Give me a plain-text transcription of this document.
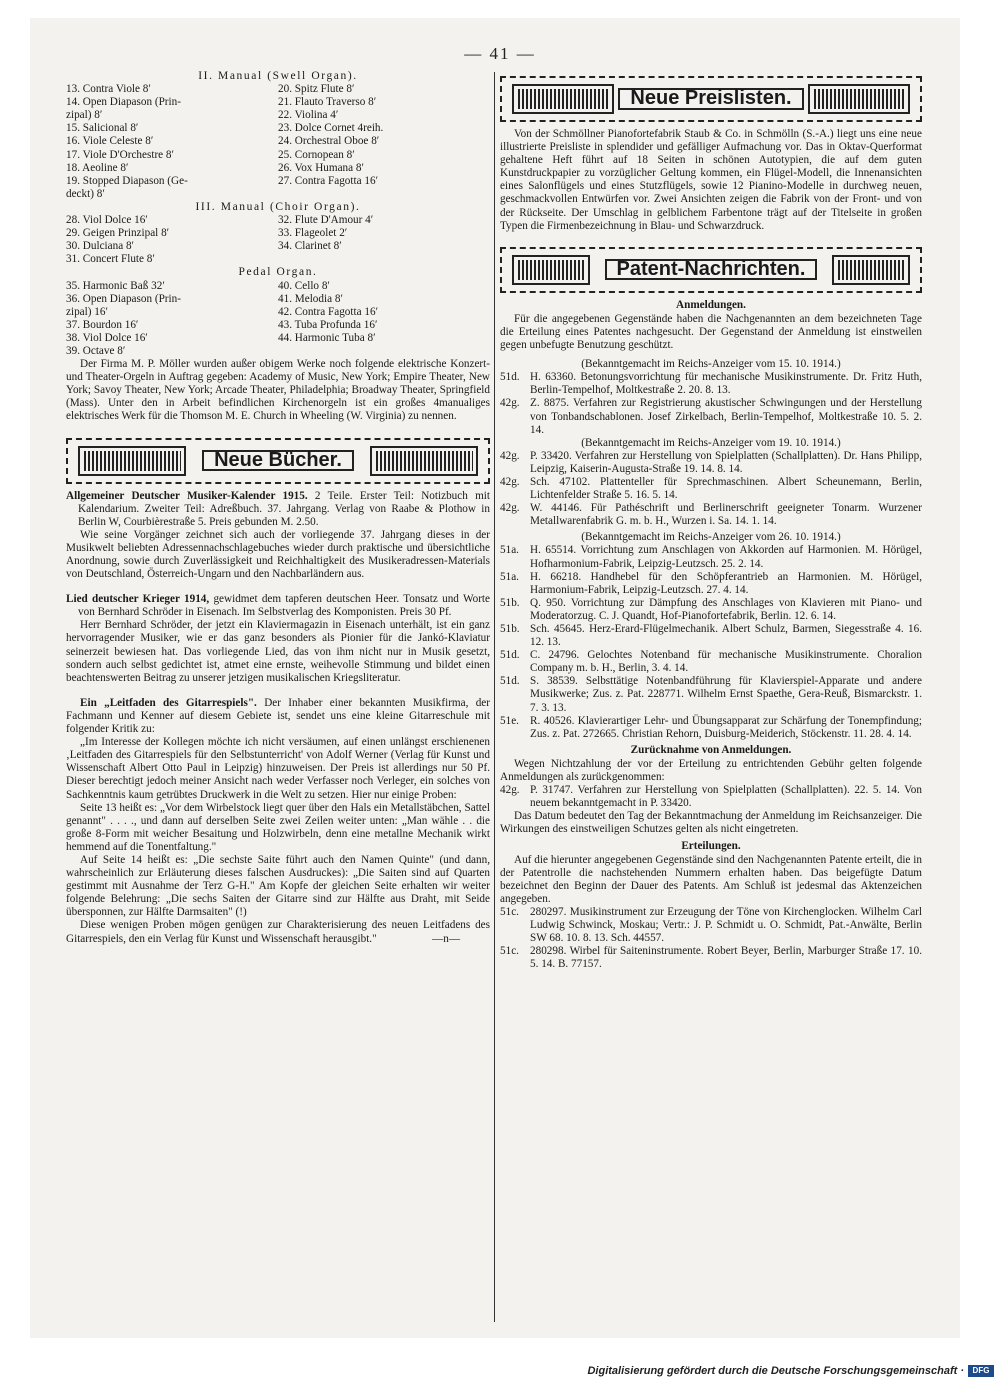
— 41 —
II. Manual (Swell Organ).
13. Contra Viole 8′	20. Spitz Flute 8′
14. Open Diapason (Prin-	21. Flauto Traverso 8′
zipal) 8′	22. Violina 4′
15. Salicional 8′	23. Dolce Cornet 4reih.
16. Viole Celeste 8′	24. Orchestral Oboe 8′
17. Viole D'Orchestre 8′	25. Cornopean 8′
18. Aeoline 8′	26. Vox Humana 8′
19. Stopped Diapason (Ge-	27. Contra Fagotta 16′
deckt) 8′	
III. Manual (Choir Organ).
28. Viol Dolce 16′	32. Flute D'Amour 4′
29. Geigen Prinzipal 8′	33. Flageolet 2′
30. Dulciana 8′	34. Clarinet 8′
31. Concert Flute 8′	
Pedal Organ.
35. Harmonic Baß 32′	40. Cello 8′
36. Open Diapason (Prin-	41. Melodia 8′
zipal) 16′	42. Contra Fagotta 16′
37. Bourdon 16′	43. Tuba Profunda 16′
38. Viol Dolce 16′	44. Harmonic Tuba 8′
39. Octave 8′	

Der Firma M. P. Möller wurden außer obigem Werke noch folgende elektrische Konzert- und Theater-Orgeln in Auftrag gegeben: Academy of Music, New York; Empire Theater, New York; Savoy Theater, New York; Arcade Theater, Philadelphia; Broadway Theater, Springfield (Mass). Unter den in Arbeit befindlichen Kirchenorgeln ist ein großes 4manualiges elektrisches Werk für die Thomson M. E. Church in Wheeling (W. Virginia) zu nennen.

Neue Bücher.

Allgemeiner Deutscher Musiker-Kalender 1915. 2 Teile. Erster Teil: Notizbuch mit Kalendarium. Zweiter Teil: Adreßbuch. 37. Jahrgang. Verlag von Raabe & Plothow in Berlin W, Courbièrestraße 5. Preis gebunden M. 2.50.

Wie seine Vorgänger zeichnet sich auch der vorliegende 37. Jahrgang dieses in der Musikwelt beliebten Adressennachschlagebuches wieder durch praktische und übersichtliche Anordnung, sowie durch Zuverlässigkeit und Reichhaltigkeit des Musikeradressen-Materials von Deutschland, Österreich-Ungarn und den Nachbarländern aus.

Lied deutscher Krieger 1914, gewidmet dem tapferen deutschen Heer. Tonsatz und Worte von Bernhard Schröder in Eisenach. Im Selbstverlag des Komponisten. Preis 30 Pf.

Herr Bernhard Schröder, der jetzt ein Klaviermagazin in Eisenach unterhält, ist ein ganz hervorragender Musiker, wie er das ganz besonders als Pionier für die Jankó-Klaviatur seinerzeit bewiesen hat. Das vorliegende Lied, das von ihm nicht nur in Musik gesetzt, sondern auch selbst gedichtet ist, atmet eine ernste, weihevolle Stimmung und bildet einen beachtenswerten Beitrag zu unserer jetzigen musikalischen Kriegsliteratur.

Ein „Leitfaden des Gitarrespiels". Der Inhaber einer bekannten Musikfirma, der Fachmann und Kenner auf diesem Gebiete ist, sendet uns eine kleine Gitarreschule mit folgender Kritik zu:

„Im Interesse der Kollegen möchte ich nicht versäumen, auf einen unlängst erschienenen ‚Leitfaden des Gitarrespiels für den Selbstunterricht' von Adolf Werner (Verlag für Kunst und Wissenschaft Albert Otto Paul in Leipzig) hinzuweisen. Der Preis ist allerdings nur 50 Pf. Dieser berechtigt jedoch meiner Ansicht nach weder Verfasser noch Verleger, ein solches von Sachkenntnis kaum getrübtes Druckwerk in die Welt zu setzen. Hier nur einige Proben:

Seite 13 heißt es: „Vor dem Wirbelstock liegt quer über den Hals ein Metallstäbchen, Sattel genannt" . . . ., und dann auf derselben Seite zwei Zeilen weiter unten: „Man wähle . . die große 8-Form mit weicher Besaitung und Holzwirbeln, denn eine metallne Mechanik wirkt hemmend auf die Tonentfaltung."

Auf Seite 14 heißt es: „Die sechste Saite führt auch den Namen Quinte" (und dann, wahrscheinlich zur Erläuterung dieses falschen Ausdruckes): „Die Saiten sind auf Quarten gestimmt mit Ausnahme der Terz G-H." Am Kopfe der gleichen Seite erhalten wir weiter folgende Belehrung: „Die sechs Saiten der Gitarre sind zur Hälfte aus Draht, mit Seide übersponnen, zur Hälfte Darmsaiten" (!)

Diese wenigen Proben mögen genügen zur Charakterisierung des neuen Leitfadens des Gitarrespiels, den ein Verlag für Kunst und Wissenschaft herausgibt."	—n—
Neue Preislisten.

Von der Schmöllner Pianofortefabrik Staub & Co. in Schmölln (S.-A.) liegt uns eine neue illustrierte Preisliste in splendider und gefälliger Aufmachung vor. Das in Oktav-Querformat gehaltene Heft führt auf 18 Seiten in schönen Autotypien, die auf dem guten Kunstdruckpapier zu vorzüglicher Geltung kommen, ein Flügel-Modell, die Innenansichten eines Salonflügels und eines Stutzflügels, sowie 12 Pianino-Modelle in durchweg neuen, geschmackvollen Entwürfen vor. Zwei Ansichten zeigen die Fabrik von der Front- und von der Rückseite. Der Umschlag in gelblichem Farbentone trägt auf der Titelseite in großen Typen die Firmenbezeichnung in Blau- und Schwarzdruck.

Patent-Nachrichten.
Anmeldungen.

Für die angegebenen Gegenstände haben die Nachgenannten an dem bezeichneten Tage die Erteilung eines Patentes nachgesucht. Der Gegenstand der Anmeldung ist einstweilen gegen unbefugte Benutzung geschützt.

(Bekanntgemacht im Reichs-Anzeiger vom 15. 10. 1914.)
51d. H. 63360. Betonungsvorrichtung für mechanische Musikinstrumente. Dr. Fritz Huth, Berlin-Tempelhof, Moltkestraße 2. 20. 8. 13.
42g. Z. 8875. Verfahren zur Registrierung akustischer Schwingungen und der Herstellung von Tonbandschablonen. Josef Zirkelbach, Berlin-Tempelhof, Moltkestraße 10. 5. 2. 14.
(Bekanntgemacht im Reichs-Anzeiger vom 19. 10. 1914.)
42g. P. 33420. Verfahren zur Herstellung von Spielplatten (Schallplatten). Dr. Hans Philipp, Leipzig, Kaiserin-Augusta-Straße 19. 14. 8. 14.
42g. Sch. 47102. Plattenteller für Sprechmaschinen. Albert Scheunemann, Berlin, Lichtenfelder Straße 5. 16. 5. 14.
42g. W. 44146. Für Pathéschrift und Berlinerschrift geeigneter Tonarm. Wurzener Metallwarenfabrik G. m. b. H., Wurzen i. Sa. 14. 1. 14.
(Bekanntgemacht im Reichs-Anzeiger vom 26. 10. 1914.)
51a. H. 65514. Vorrichtung zum Anschlagen von Akkorden auf Harmonien. M. Hörügel, Hofharmonium-Fabrik, Leipzig-Leutzsch. 25. 2. 14.
51a. H. 66218. Handhebel für den Schöpferantrieb an Harmonien. M. Hörügel, Harmonium-Fabrik, Leipzig-Leutzsch. 27. 4. 14.
51b. Q. 950. Vorrichtung zur Dämpfung des Anschlages von Klavieren mit Piano- und Moderatorzug. C. J. Quandt, Hof-Pianofortefabrik, Berlin. 12. 6. 14.
51b. Sch. 45645. Herz-Erard-Flügelmechanik. Albert Schulz, Barmen, Siegesstraße 4. 16. 12. 13.
51d. C. 24796. Gelochtes Notenband für mechanische Musikinstrumente. Choralion Company m. b. H., Berlin, 3. 4. 14.
51d. S. 38539. Selbsttätige Notenbandführung für Klavierspiel-Apparate und andere Musikwerke; Zus. z. Pat. 228771. Wilhelm Ernst Spaethe, Gera-Reuß, Bismarckstr. 1. 7. 3. 13.
51e. R. 40526. Klavierartiger Lehr- und Übungsapparat zur Schärfung der Tonempfindung; Zus. z. Pat. 272665. Christian Rehorn, Duisburg-Meiderich, Stöckenstr. 11. 28. 4. 14.
Zurücknahme von Anmeldungen.

Wegen Nichtzahlung der vor der Erteilung zu entrichtenden Gebühr gelten folgende Anmeldungen als zurückgenommen:

42g. P. 31747. Verfahren zur Herstellung von Spielplatten (Schallplatten). 22. 5. 14. Von neuem bekanntgemacht in P. 33420.

Das Datum bedeutet den Tag der Bekanntmachung der Anmeldung im Reichsanzeiger. Die Wirkungen des einstweiligen Schutzes gelten als nicht eingetreten.

Erteilungen.

Auf die hierunter angegebenen Gegenstände sind den Nachgenannten Patente erteilt, die in der Patentrolle die nachstehenden Nummern erhalten haben. Das beigefügte Datum bezeichnet den Beginn der Dauer des Patents. Am Schluß ist jedesmal das Aktenzeichen angegeben.

51c. 280297. Musikinstrument zur Erzeugung der Töne von Kirchenglocken. Wilhelm Carl Ludwig Schwinck, Moskau; Vertr.: J. P. Schmidt u. O. Schmidt, Pat.-Anwälte, Berlin SW 68. 10. 8. 13. Sch. 44557.
51c. 280298. Wirbel für Saiteninstrumente. Robert Beyer, Berlin, Marburger Straße 17. 10. 5. 14. B. 77157.
Digitalisierung gefördert durch die Deutsche Forschungsgemeinschaft ·	DFG
